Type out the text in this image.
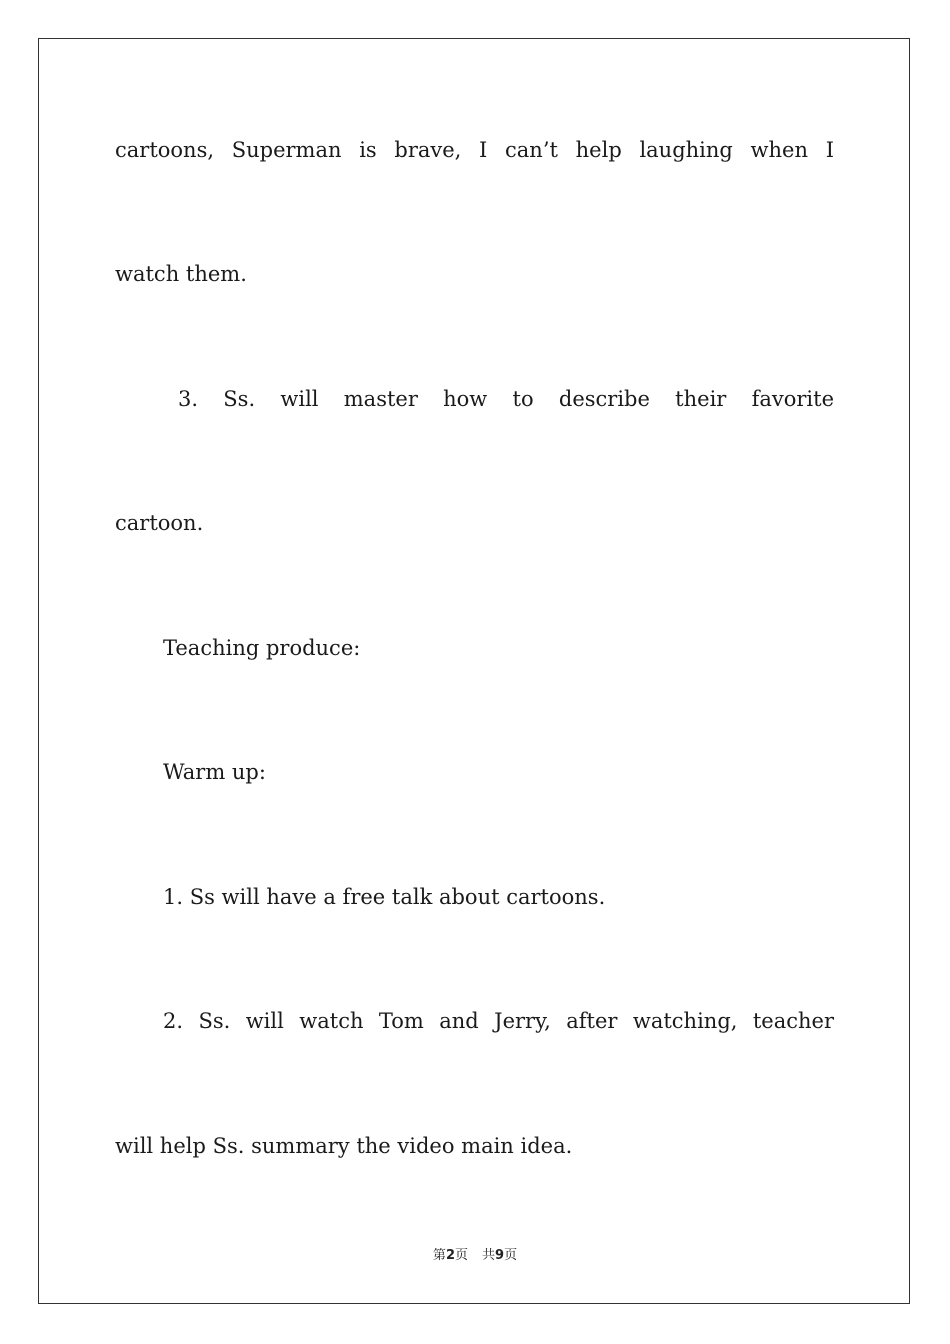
cartoons, Superman is brave, I can’t help laughing when I
watch them.
3. Ss. will master how to describe their favorite
cartoon.
Teaching produce:
Warm up:
1. Ss will have a free talk about cartoons.
2. Ss. will watch Tom and Jerry, after watching, teacher
will help Ss. summary the video main idea.
第2页 共9页
